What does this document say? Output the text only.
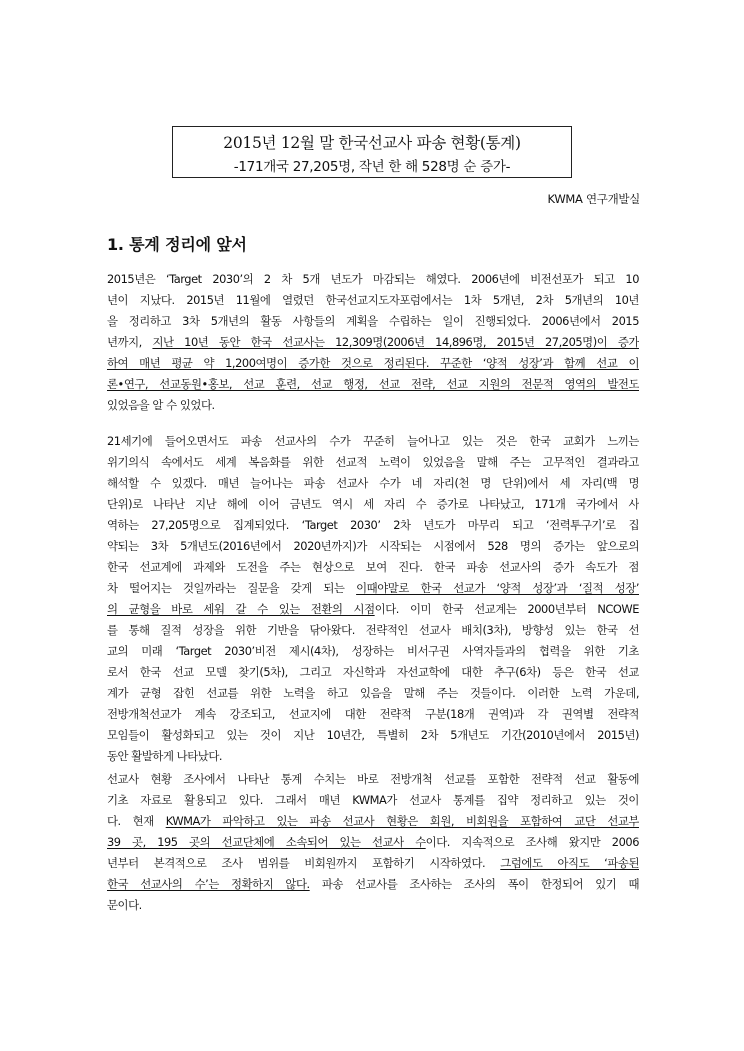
2015년 12월 말 한국선교사 파송 현황(통계)
-171개국 27,205명, 작년 한 해 528명 순 증가-
KWMA 연구개발실
1. 통계 정리에 앞서
2015년은 ‘Target 2030’의 2 차 5개 년도가 마감되는 해였다. 2006년에 비전선포가 되고 10
년이 지났다. 2015년 11월에 열렸던 한국선교지도자포럼에서는 1차 5개년, 2차 5개년의 10년
을 정리하고 3차 5개년의 활동 사항들의 계획을 수립하는 일이 진행되었다. 2006년에서 2015
년까지, 지난 10년 동안 한국 선교사는 12,309명(2006년 14,896명, 2015년 27,205명)이 증가
하여 매년 평균 약 1,200여명이 증가한 것으로 정리된다. 꾸준한 ‘양적 성장’과 함께 선교 이
론•연구, 선교동원•홍보, 선교 훈련, 선교 행정, 선교 전략, 선교 지원의 전문적 영역의 발전도
있었음을 알 수 있었다.
21세기에 들어오면서도 파송 선교사의 수가 꾸준히 늘어나고 있는 것은 한국 교회가 느끼는
위기의식 속에서도 세계 복음화를 위한 선교적 노력이 있었음을 말해 주는 고무적인 결과라고
해석할 수 있겠다. 매년 늘어나는 파송 선교사 수가 네 자리(천 명 단위)에서 세 자리(백 명
단위)로 나타난 지난 해에 이어 금년도 역시 세 자리 수 증가로 나타났고, 171개 국가에서 사
역하는 27,205명으로 집계되었다. ‘Target 2030’ 2차 년도가 마무리 되고 ‘전력투구기’로 집
약되는 3차 5개년도(2016년에서 2020년까지)가 시작되는 시점에서 528 명의 증가는 앞으로의
한국 선교계에 과제와 도전을 주는 현상으로 보여 진다. 한국 파송 선교사의 증가 속도가 점
차 떨어지는 것일까라는 질문을 갖게 되는 이때야말로 한국 선교가 ‘양적 성장’과 ‘질적 성장’
의 균형을 바로 세워 갈 수 있는 전환의 시점이다. 이미 한국 선교계는 2000년부터 NCOWE
를 통해 질적 성장을 위한 기반을 닦아왔다. 전략적인 선교사 배치(3차), 방향성 있는 한국 선
교의 미래 ‘Target 2030’비전 제시(4차), 성장하는 비서구권 사역자들과의 협력을 위한 기초
로서 한국 선교 모델 찾기(5차), 그리고 자신학과 자선교학에 대한 추구(6차) 등은 한국 선교
계가 균형 잡힌 선교를 위한 노력을 하고 있음을 말해 주는 것들이다. 이러한 노력 가운데,
전방개척선교가 계속 강조되고, 선교지에 대한 전략적 구분(18개 권역)과 각 권역별 전략적
모임들이 활성화되고 있는 것이 지난 10년간, 특별히 2차 5개년도 기간(2010년에서 2015년)
동안 활발하게 나타났다.
선교사 현황 조사에서 나타난 통계 수치는 바로 전방개척 선교를 포함한 전략적 선교 활동에
기초 자료로 활용되고 있다. 그래서 매년 KWMA가 선교사 통계를 집약 정리하고 있는 것이
다. 현재 KWMA가 파악하고 있는 파송 선교사 현황은 회원, 비회원을 포함하여 교단 선교부
39 곳, 195 곳의 선교단체에 소속되어 있는 선교사 수이다. 지속적으로 조사해 왔지만 2006
년부터 본격적으로 조사 범위를 비회원까지 포함하기 시작하였다. 그럼에도 아직도 ‘파송된
한국 선교사의 수’는 정확하지 않다. 파송 선교사를 조사하는 조사의 폭이 한정되어 있기 때
문이다.
